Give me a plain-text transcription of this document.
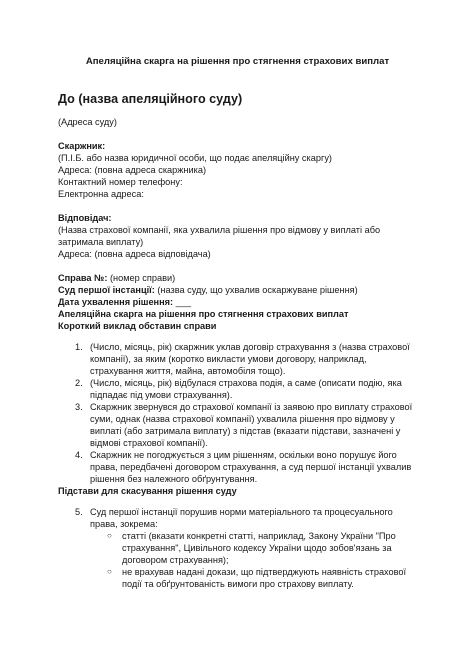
Апеляційна скарга на рішення про стягнення страхових виплат

До (назва апеляційного суду)

(Адреса суду)

Скаржник:

(П.І.Б. або назва юридичної особи, що подає апеляційну скаргу)

Адреса: (повна адреса скаржника)

Контактний номер телефону:

Електронна адреса:

Відповідач:

(Назва страхової компанії, яка ухвалила рішення про відмову у виплаті або затримала виплату)

Адреса: (повна адреса відповідача)

Справа №: (номер справи)

Суд першої інстанції: (назва суду, що ухвалив оскаржуване рішення)

Дата ухвалення рішення: ___

Апеляційна скарга на рішення про стягнення страхових виплат

Короткий виклад обставин справи

1. (Число, місяць, рік) скаржник уклав договір страхування з (назва страхової компанії), за яким (коротко викласти умови договору, наприклад, страхування життя, майна, автомобіля тощо).
2. (Число, місяць, рік) відбулася страхова подія, а саме (описати подію, яка підпадає під умови страхування).
3. Скаржник звернувся до страхової компанії із заявою про виплату страхової суми, однак (назва страхової компанії) ухвалила рішення про відмову у виплаті (або затримала виплату) з підстав (вказати підстави, зазначені у відмові страхової компанії).
4. Скаржник не погоджується з цим рішенням, оскільки воно порушує його права, передбачені договором страхування, а суд першої інстанції ухвалив рішення без належного обґрунтування.

Підстави для скасування рішення суду

5. Суд першої інстанції порушив норми матеріального та процесуального права, зокрема:
○ статті (вказати конкретні статті, наприклад, Закону України "Про страхування", Цивільного кодексу України щодо зобов'язань за договором страхування);
○ не врахував надані докази, що підтверджують наявність страхової події та обґрунтованість вимоги про страхову виплату.
